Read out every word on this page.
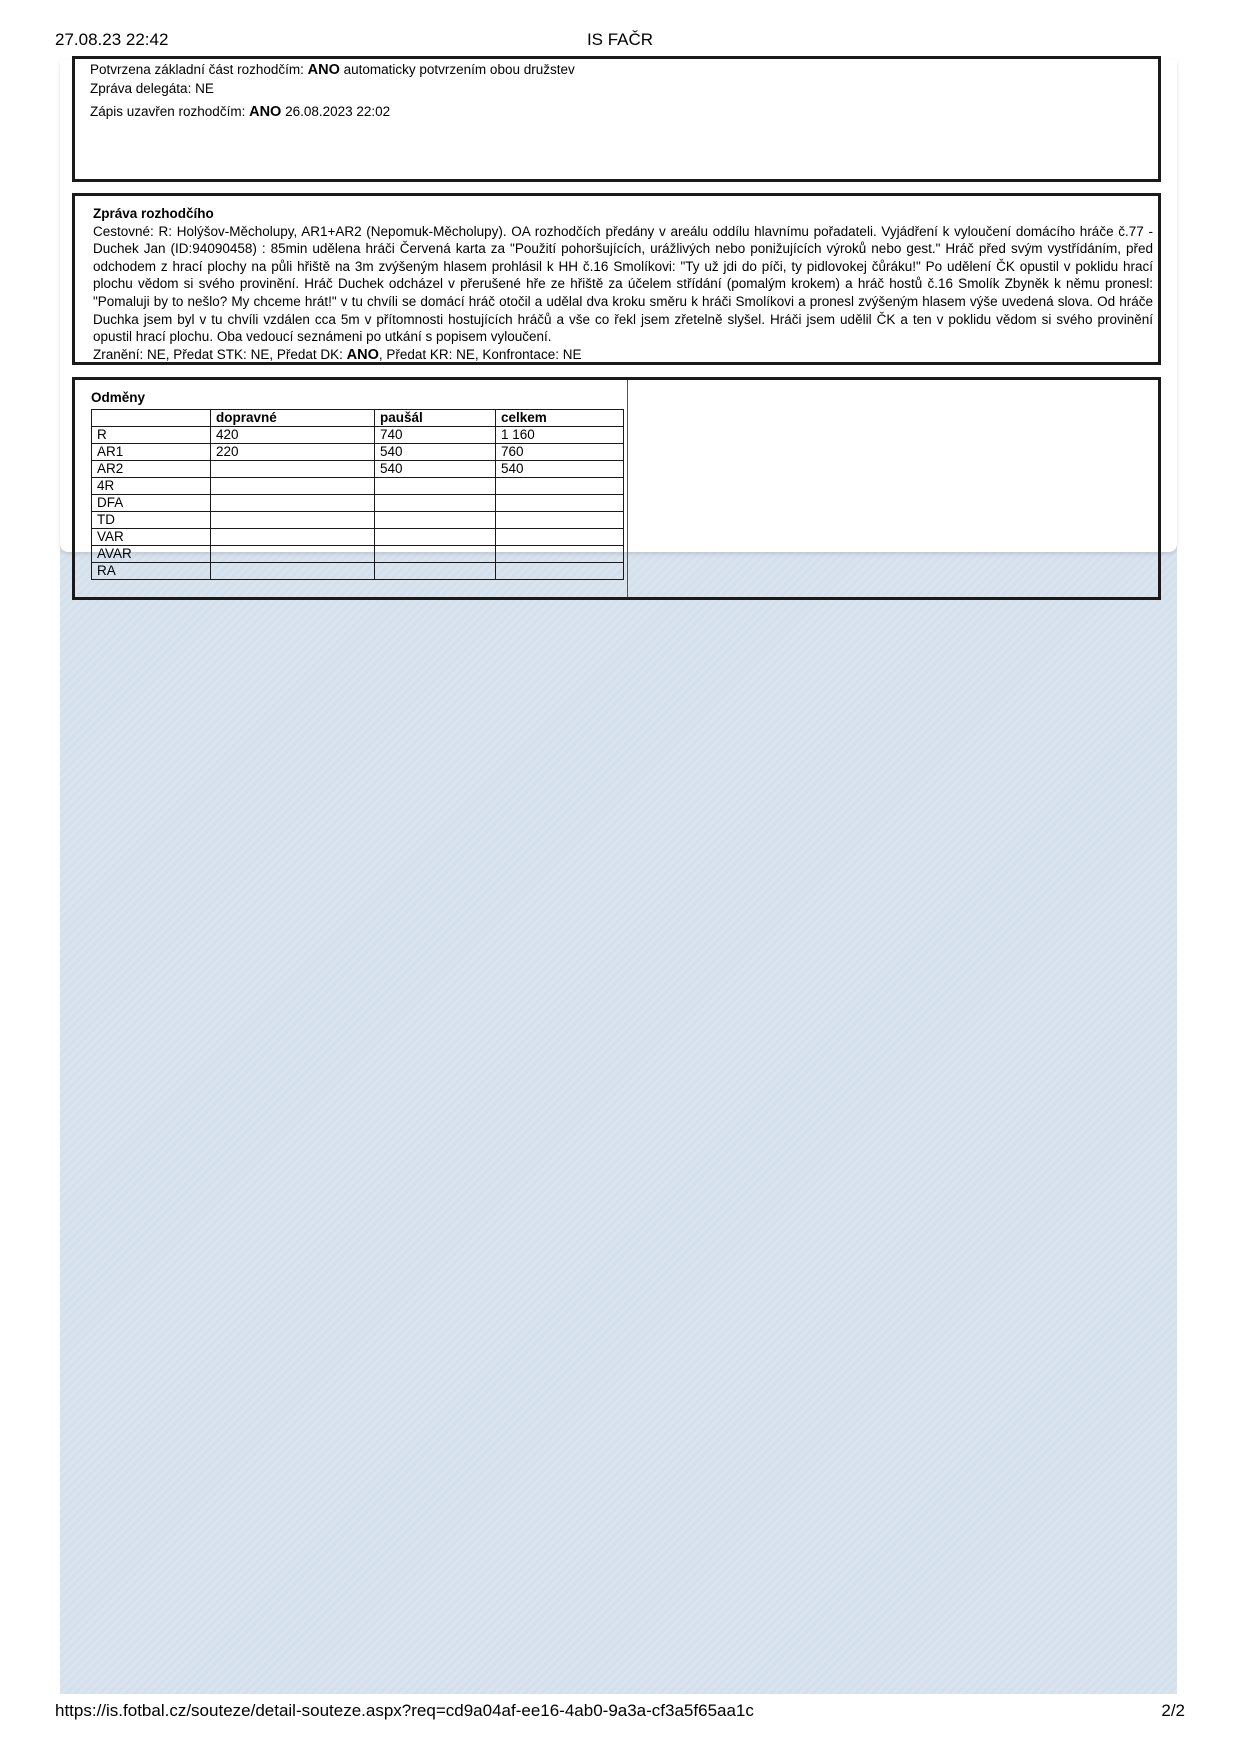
27.08.23 22:42	IS FAČR
Potvrzena základní část rozhodčím: ANO automaticky potvrzením obou družstev
Zpráva delegáta: NE
Zápis uzavřen rozhodčím: ANO 26.08.2023 22:02
Zpráva rozhodčího
Cestovné: R: Holýšov-Měcholupy, AR1+AR2 (Nepomuk-Měcholupy). OA rozhodčích předány v areálu oddílu hlavnímu pořadateli. Vyjádření k vyloučení domácího hráče č.77 - Duchek Jan (ID:94090458) : 85min udělena hráči Červená karta za "Použití pohoršujících, urážlivých nebo ponižujících výroků nebo gest." Hráč před svým vystřídáním, před odchodem z hrací plochy na půli hřiště na 3m zvýšeným hlasem prohlásil k HH č.16 Smolíkovi: "Ty už jdi do píči, ty pidlovokej čůráku!" Po udělení ČK opustil v poklidu hrací plochu vědom si svého provinění. Hráč Duchek odcházel v přerušené hře ze hřiště za účelem střídání (pomalým krokem) a hráč hostů č.16 Smolík Zbyněk k němu pronesl: "Pomaluji by to nešlo? My chceme hrát!" v tu chvíli se domácí hráč otočil a udělal dva kroku směru k hráči Smolíkovi a pronesl zvýšeným hlasem výše uvedená slova. Od hráče Duchka jsem byl v tu chvíli vzdálen cca 5m v přítomnosti hostujících hráčů a vše co řekl jsem zřetelně slyšel. Hráči jsem udělil ČK a ten v poklidu vědom si svého provinění opustil hrací plochu. Oba vedoucí seznámeni po utkání s popisem vyloučení.
Zranění: NE, Předat STK: NE, Předat DK: ANO, Předat KR: NE, Konfrontace: NE
Odměny
	dopravné	paušál	celkem
R	420	740	1 160
AR1	220	540	760
AR2		540	540
4R			
DFA			
TD			
VAR			
AVAR			
RA			
https://is.fotbal.cz/souteze/detail-souteze.aspx?req=cd9a04af-ee16-4ab0-9a3a-cf3a5f65aa1c	2/2
